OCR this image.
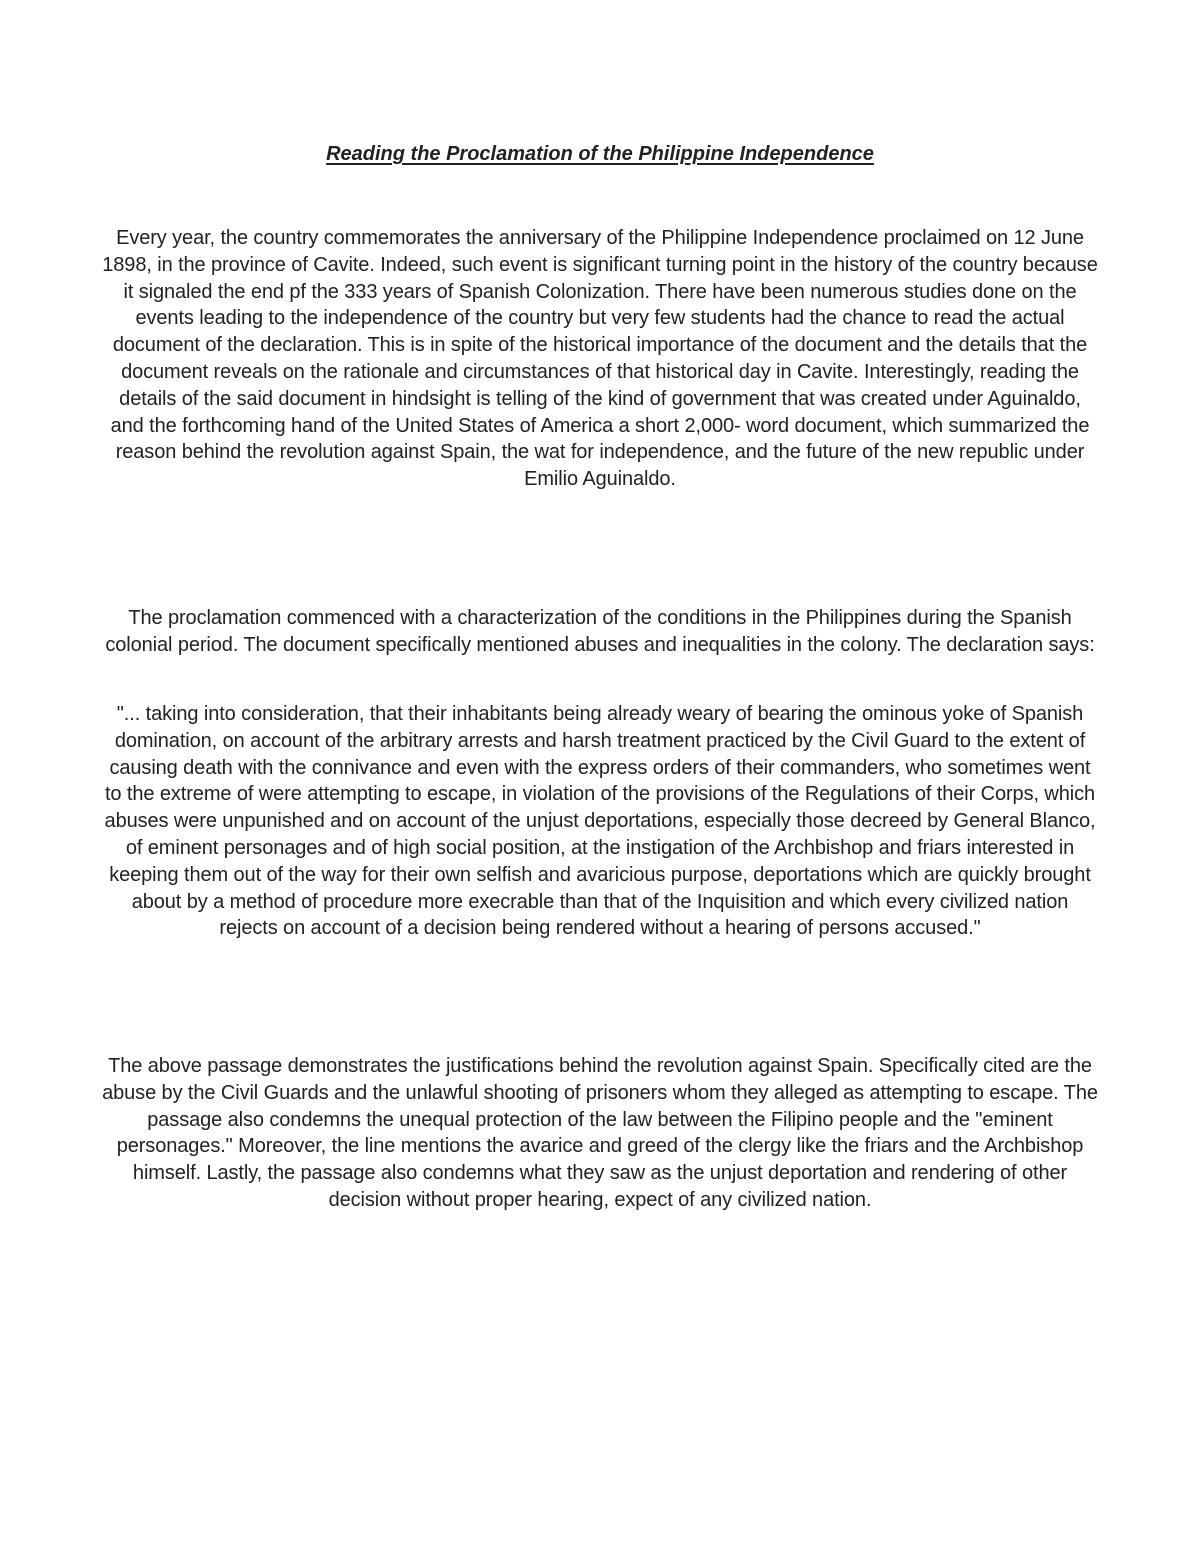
Reading the Proclamation of the Philippine Independence

Every year, the country commemorates the anniversary of the Philippine Independence proclaimed on 12 June 1898, in the province of Cavite. Indeed, such event is significant turning point in the history of the country because it signaled the end pf the 333 years of Spanish Colonization. There have been numerous studies done on the events leading to the independence of the country but very few students had the chance to read the actual document of the declaration. This is in spite of the historical importance of the document and the details that the document reveals on the rationale and circumstances of that historical day in Cavite. Interestingly, reading the details of the said document in hindsight is telling of the kind of government that was created under Aguinaldo, and the forthcoming hand of the United States of America a short 2,000- word document, which summarized the reason behind the revolution against Spain, the wat for independence, and the future of the new republic under Emilio Aguinaldo.

The proclamation commenced with a characterization of the conditions in the Philippines during the Spanish colonial period. The document specifically mentioned abuses and inequalities in the colony. The declaration says:

"... taking into consideration, that their inhabitants being already weary of bearing the ominous yoke of Spanish domination, on account of the arbitrary arrests and harsh treatment practiced by the Civil Guard to the extent of causing death with the connivance and even with the express orders of their commanders, who sometimes went to the extreme of were attempting to escape, in violation of the provisions of the Regulations of their Corps, which abuses were unpunished and on account of the unjust deportations, especially those decreed by General Blanco, of eminent personages and of high social position, at the instigation of the Archbishop and friars interested in keeping them out of the way for their own selfish and avaricious purpose, deportations which are quickly brought about by a method of procedure more execrable than that of the Inquisition and which every civilized nation rejects on account of a decision being rendered without a hearing of persons accused."

The above passage demonstrates the justifications behind the revolution against Spain. Specifically cited are the abuse by the Civil Guards and the unlawful shooting of prisoners whom they alleged as attempting to escape. The passage also condemns the unequal protection of the law between the Filipino people and the "eminent personages." Moreover, the line mentions the avarice and greed of the clergy like the friars and the Archbishop himself. Lastly, the passage also condemns what they saw as the unjust deportation and rendering of other decision without proper hearing, expect of any civilized nation.
